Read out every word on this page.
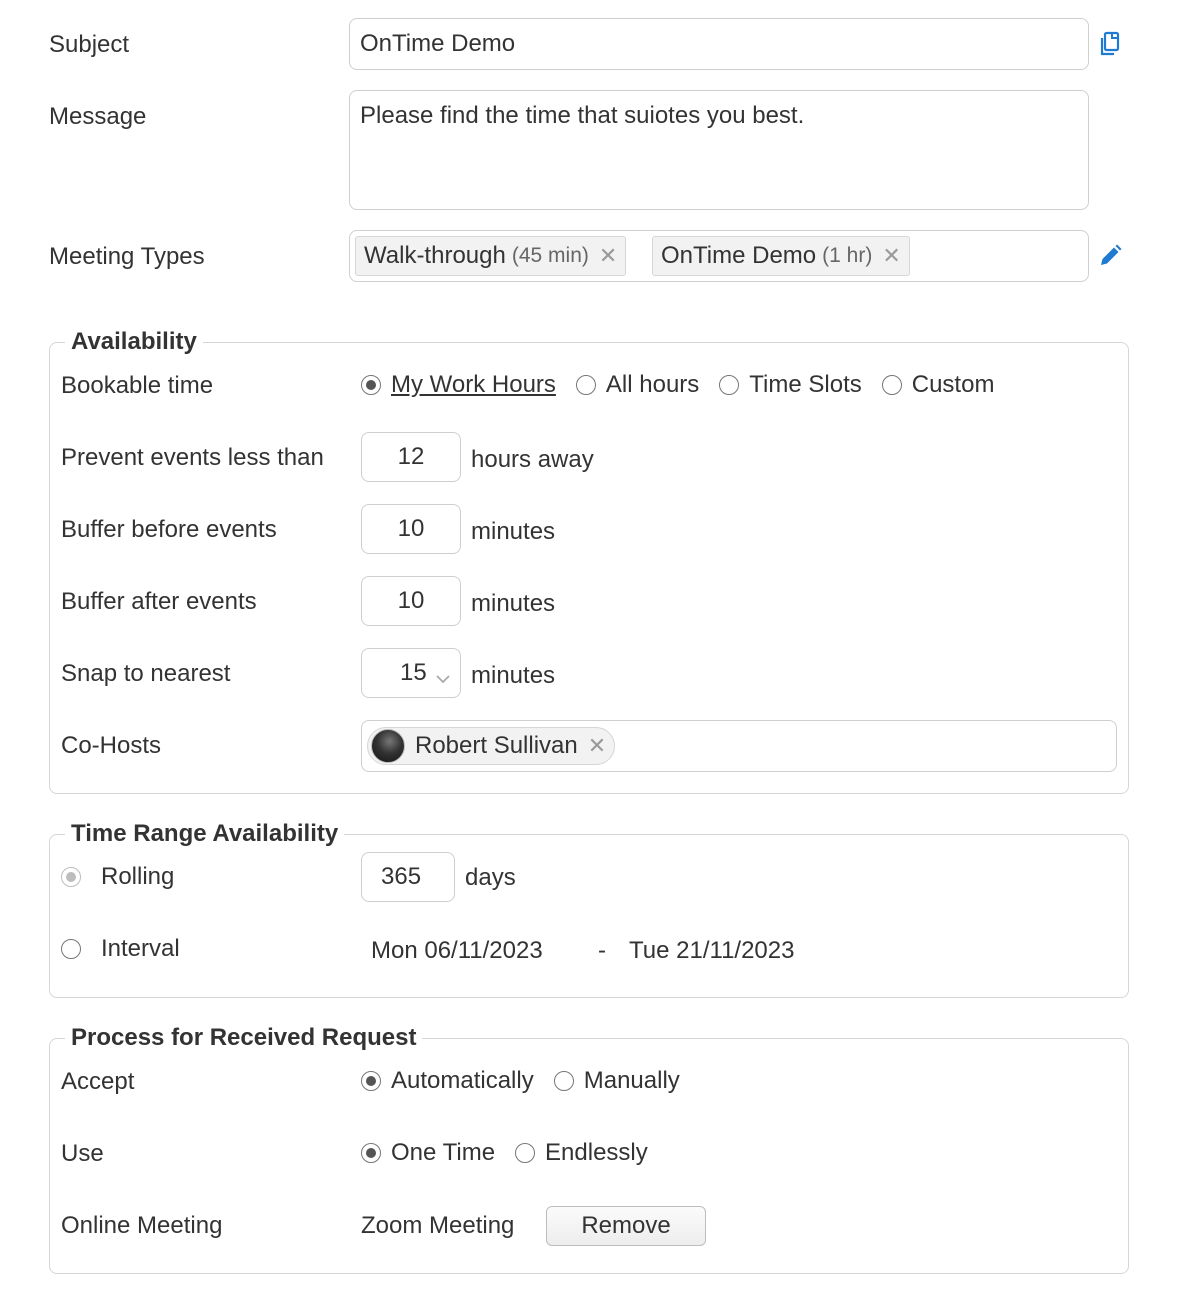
Subject	OnTime Demo
Message	Please find the time that suiotes you best.
Meeting Types	Walk-through (45 min) ✕ OnTime Demo (1 hr) ✕
Availability
Bookable time	My Work Hours All hours Time Slots Custom
Prevent events less than	12	hours away
Buffer before events	10	minutes
Buffer after events	10	minutes
Snap to nearest	15 minutes
Co-Hosts	Robert Sullivan ✕
Time Range Availability
Rolling	365	days
Interval	Mon 06/11/2023 - Tue 21/11/2023
Process for Received Request
Accept	Automatically Manually
Use	One Time Endlessly
Online Meeting	Zoom Meeting	Remove
